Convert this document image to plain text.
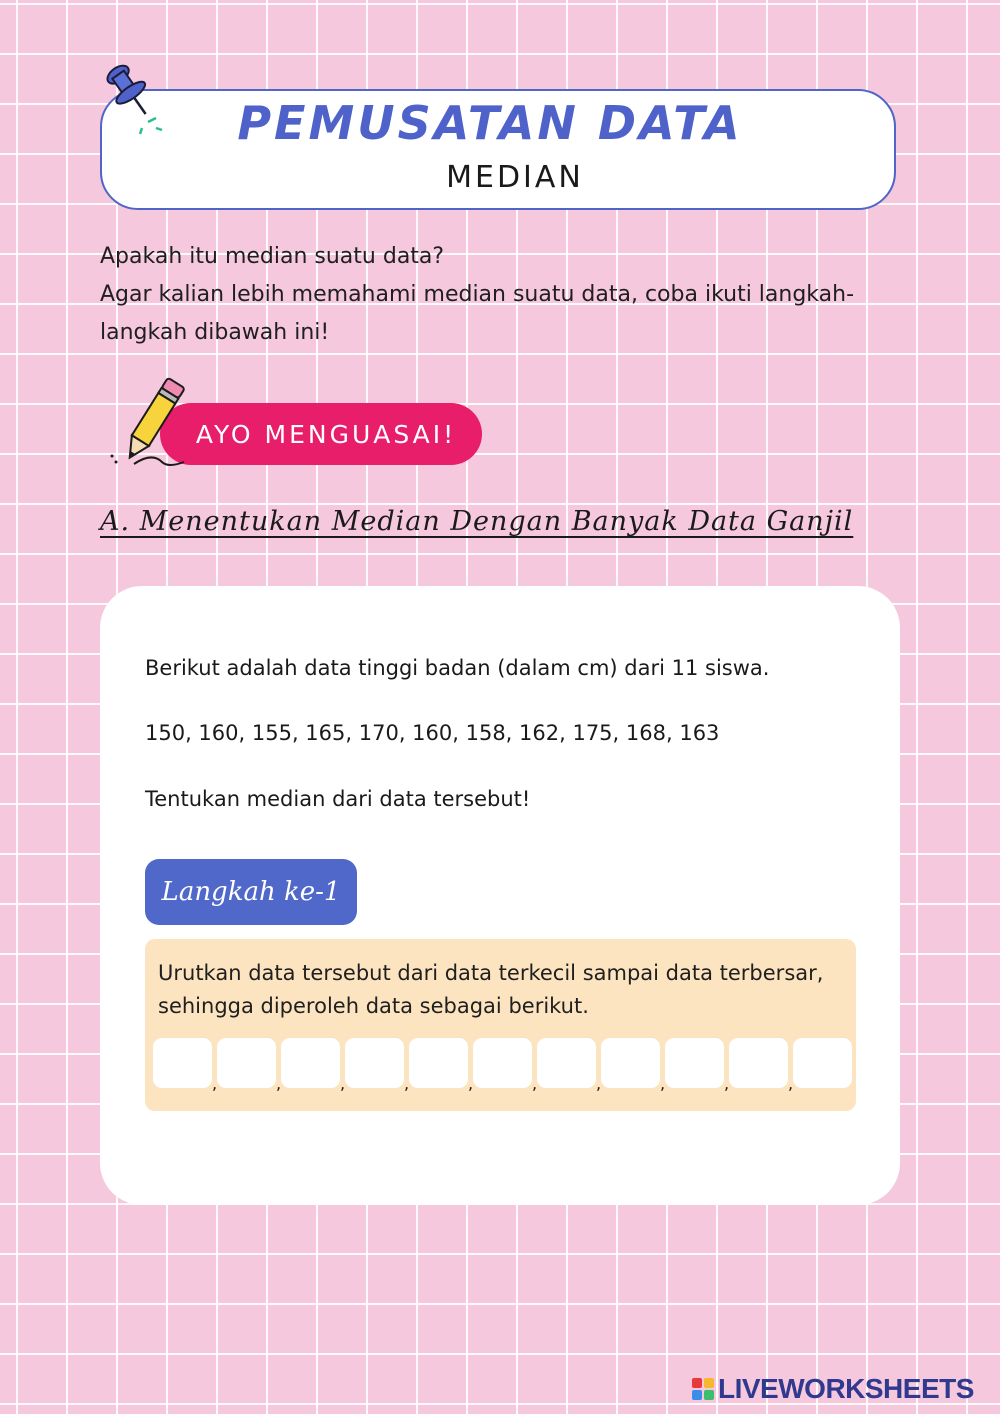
PEMUSATAN DATA
MEDIAN

Apakah itu median suatu data?

Agar kalian lebih memahami median suatu data, coba ikuti langkah-langkah dibawah ini!

AYO MENGUASAI!
A. Menentukan Median Dengan Banyak Data Ganjil
Berikut adalah data tinggi badan (dalam cm) dari 11 siswa.
150, 160, 155, 165, 170, 160, 158, 162, 175, 168, 163
Tentukan median dari data tersebut!
Langkah ke-1
Urutkan data tersebut dari data terkecil sampai data terbersar, sehingga diperoleh data sebagai berikut.
,	,	,	,	,	,	,	,	,	,
LIVEWORKSHEETS
